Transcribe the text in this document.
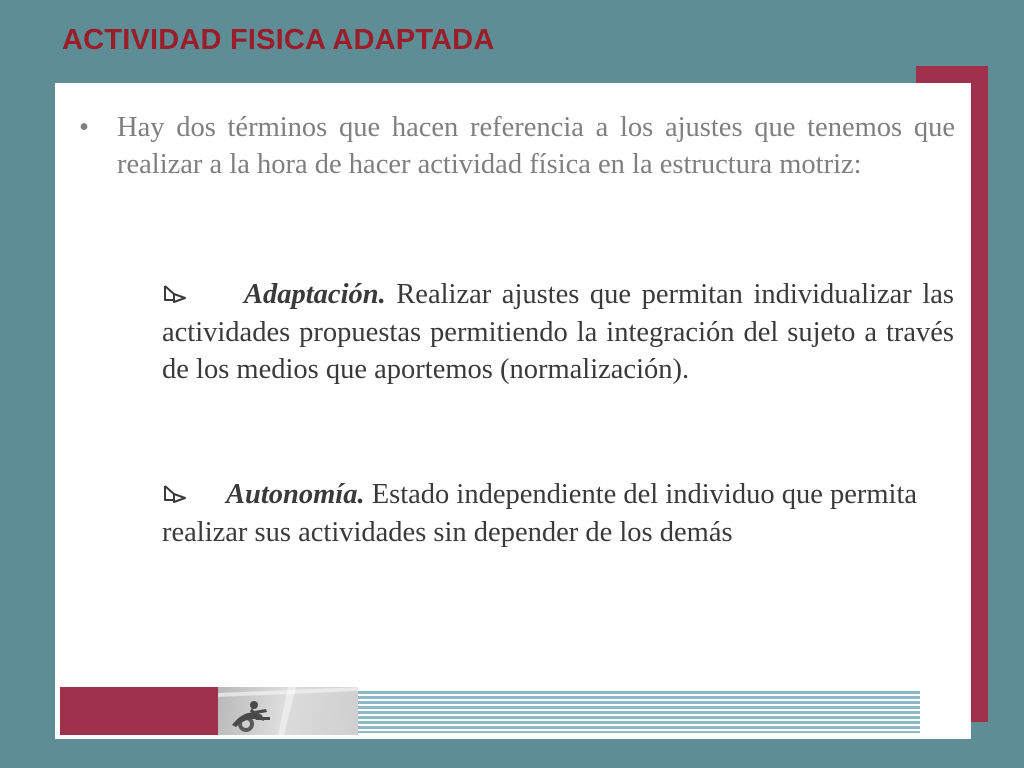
ACTIVIDAD FISICA ADAPTADA
• Hay dos términos que hacen referencia a los ajustes que tenemos que realizar a la hora de hacer actividad física en la estructura motriz:
Adaptación. Realizar ajustes que permitan individualizar las actividades propuestas permitiendo la integración del sujeto a través de los medios que aportemos (normalización).
Autonomía. Estado independiente del individuo que permita realizar sus actividades sin depender de los demás
